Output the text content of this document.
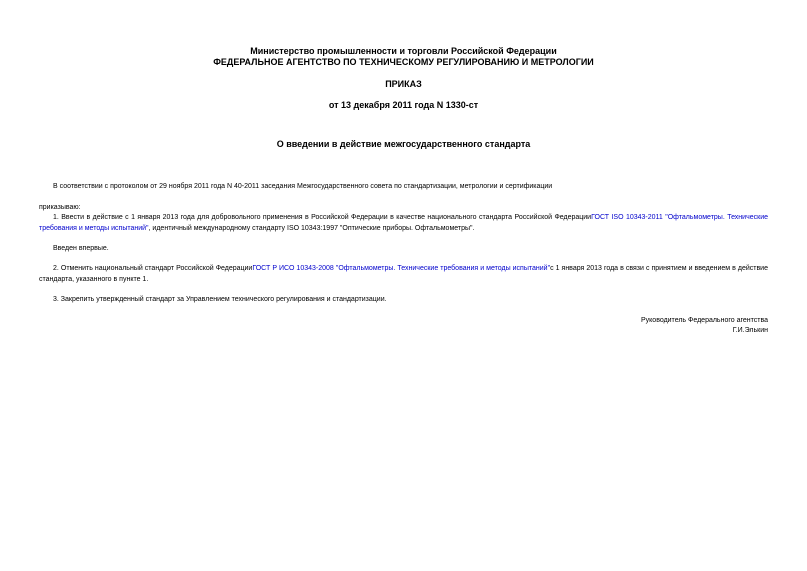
Министерство промышленности и торговли Российской Федерации
ФЕДЕРАЛЬНОЕ АГЕНТСТВО ПО ТЕХНИЧЕСКОМУ РЕГУЛИРОВАНИЮ И МЕТРОЛОГИИ
ПРИКАЗ
от 13 декабря 2011 года N 1330-ст
О введении в действие межгосударственного стандарта
В соответствии с протоколом от 29 ноября 2011 года N 40-2011 заседания Межгосударственного совета по стандартизации, метрологии и сертификации
приказываю:
1. Ввести в действие с 1 января 2013 года для добровольного применения в Российской Федерации в качестве национального стандарта Российской ФедерацииГОСТ ISO 10343-2011 "Офтальмометры. Технические требования и методы испытаний", идентичный международному стандарту ISO 10343:1997 "Оптические приборы. Офтальмометры".
Введен впервые.
2. Отменить национальный стандарт Российской ФедерацииГОСТ Р ИСО 10343-2008 "Офтальмометры. Технические требования и методы испытаний"с 1 января 2013 года в связи с принятием и введением в действие стандарта, указанного в пункте 1.
3. Закрепить утвержденный стандарт за Управлением технического регулирования и стандартизации.
Руководитель Федерального агентства
Г.И.Элькин
